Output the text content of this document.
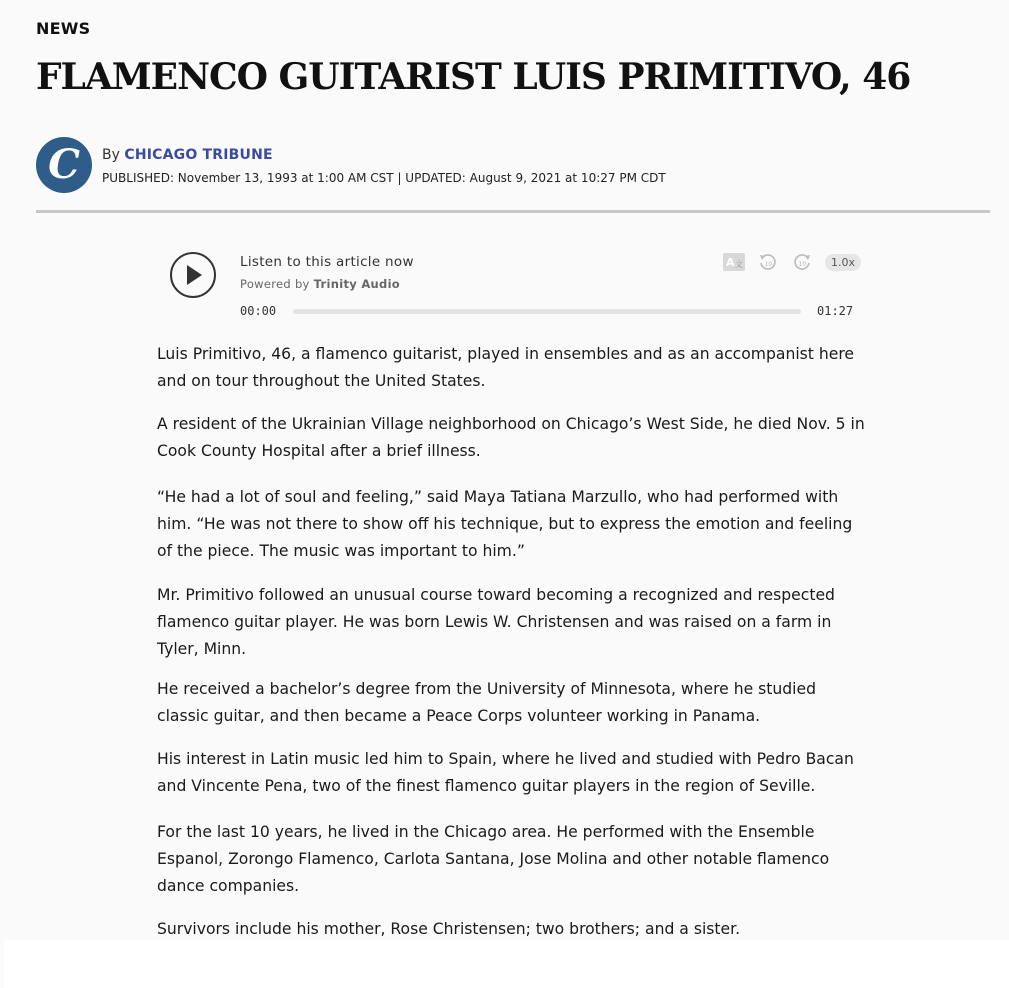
NEWS
FLAMENCO GUITARIST LUIS PRIMITIVO, 46
C By CHICAGO TRIBUNE
PUBLISHED: November 13, 1993 at 1:00 AM CST | UPDATED: August 9, 2021 at 10:27 PM CDT
Listen to this article now
Powered by Trinity Audio
A 文	10	10	1.0x
00:00	01:27

Luis Primitivo, 46, a flamenco guitarist, played in ensembles and as an accompanist here and on tour throughout the United States.

A resident of the Ukrainian Village neighborhood on Chicago’s West Side, he died Nov. 5 in Cook County Hospital after a brief illness.

“He had a lot of soul and feeling,” said Maya Tatiana Marzullo, who had performed with him. “He was not there to show off his technique, but to express the emotion and feeling of the piece. The music was important to him.”

Mr. Primitivo followed an unusual course toward becoming a recognized and respected flamenco guitar player. He was born Lewis W. Christensen and was raised on a farm in Tyler, Minn.

He received a bachelor’s degree from the University of Minnesota, where he studied classic guitar, and then became a Peace Corps volunteer working in Panama.

His interest in Latin music led him to Spain, where he lived and studied with Pedro Bacan and Vincente Pena, two of the finest flamenco guitar players in the region of Seville.

For the last 10 years, he lived in the Chicago area. He performed with the Ensemble Espanol, Zorongo Flamenco, Carlota Santana, Jose Molina and other notable flamenco dance companies.

Survivors include his mother, Rose Christensen; two brothers; and a sister.
